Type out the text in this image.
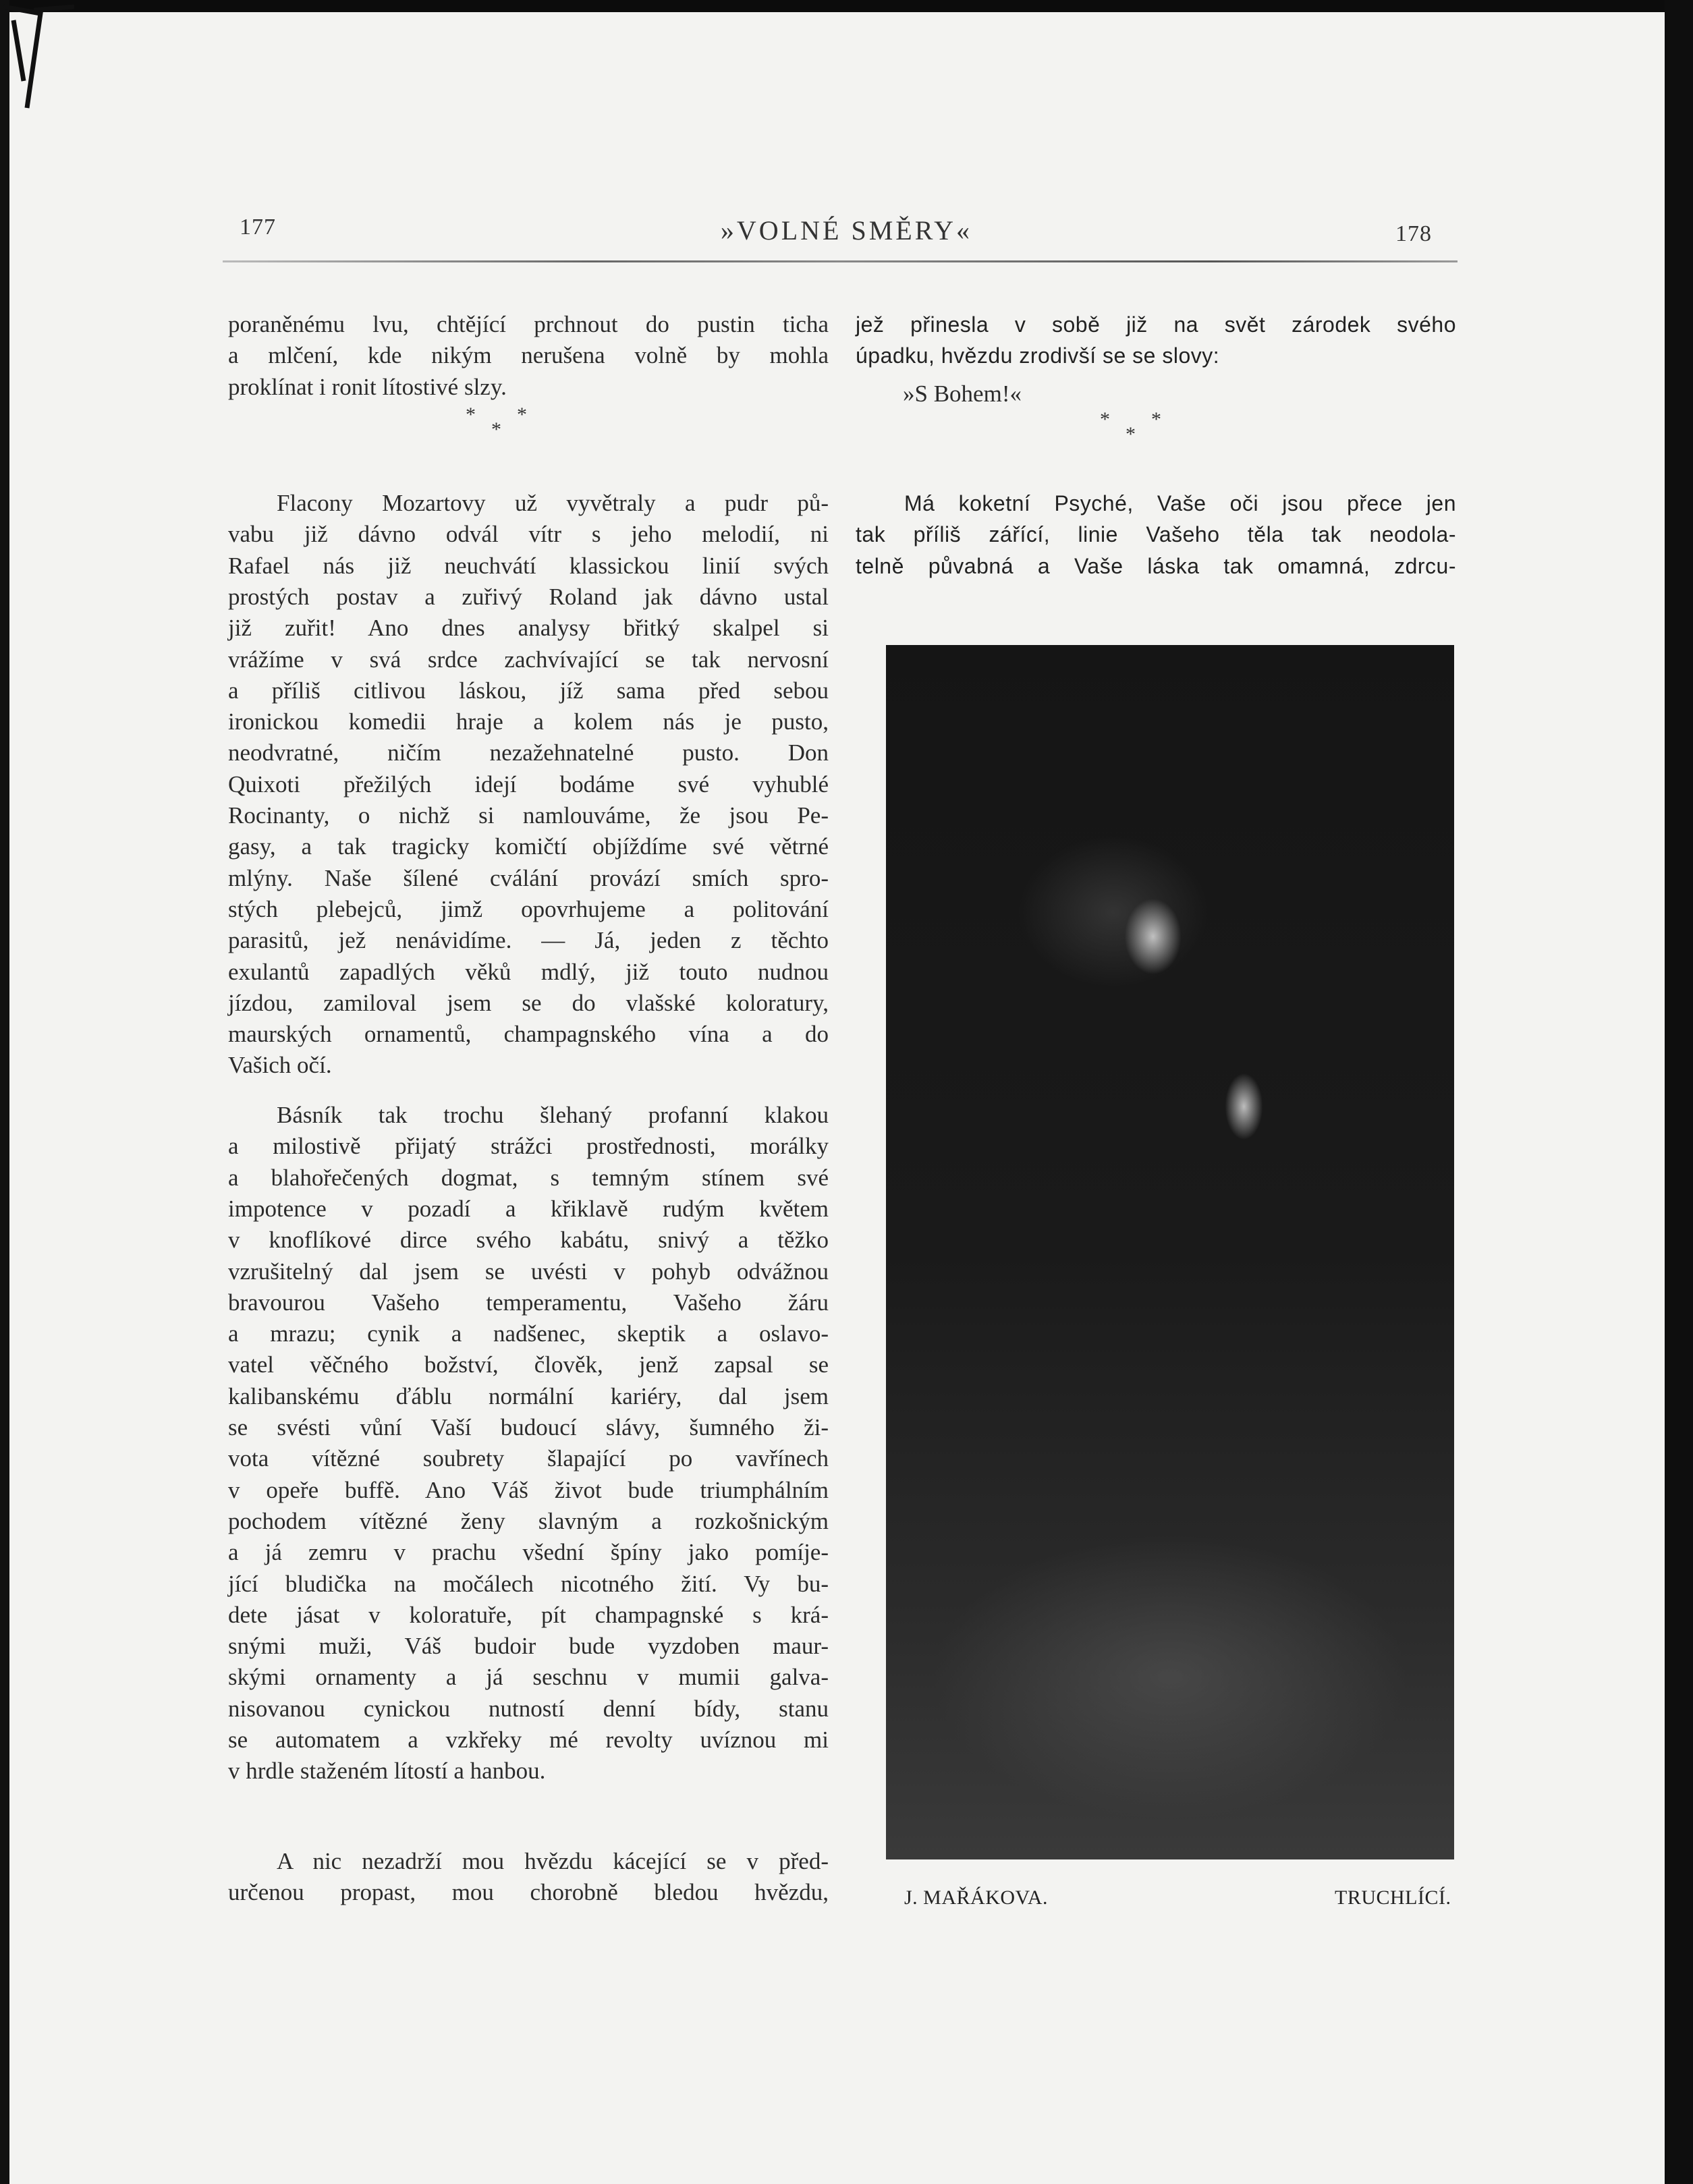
177	»VOLNÉ SMĚRY«	178
poraněnému lvu, chtějící prchnout do pustin ticha
a mlčení, kde nikým nerušena volně by mohla
proklínat i ronit lítostivé slzy.
Flacony Mozartovy už vyvětraly a pudr pů-
vabu již dávno odvál vítr s jeho melodií, ni
Rafael nás již neuchvátí klassickou linií svých
prostých postav a zuřivý Roland jak dávno ustal
již zuřit! Ano dnes analysy břitký skalpel si
vrážíme v svá srdce zachvívající se tak nervosní
a příliš citlivou láskou, jíž sama před sebou
ironickou komedii hraje a kolem nás je pusto,
neodvratné, ničím nezažehnatelné pusto. Don
Quixoti přežilých idejí bodáme své vyhublé
Rocinanty, o nichž si namlouváme, že jsou Pe-
gasy, a tak tragicky komičtí objíždíme své větrné
mlýny. Naše šílené cválání provází smích spro-
stých plebejců, jimž opovrhujeme a politování
parasitů, jež nenávidíme. — Já, jeden z těchto
exulantů zapadlých věků mdlý, již touto nudnou
jízdou, zamiloval jsem se do vlašské koloratury,
maurských ornamentů, champagnského vína a do
Vašich očí.
Básník tak trochu šlehaný profanní klakou
a milostivě přijatý strážci prostřednosti, morálky
a blahořečených dogmat, s temným stínem své
impotence v pozadí a křiklavě rudým květem
v knoflíkové dirce svého kabátu, snivý a těžko
vzrušitelný dal jsem se uvésti v pohyb odvážnou
bravourou Vašeho temperamentu, Vašeho žáru
a mrazu; cynik a nadšenec, skeptik a oslavo-
vatel věčného božství, člověk, jenž zapsal se
kalibanskému ďáblu normální kariéry, dal jsem
se svésti vůní Vaší budoucí slávy, šumného ži-
vota vítězné soubrety šlapající po vavřínech
v opeře buffě. Ano Váš život bude triumphálním
pochodem vítězné ženy slavným a rozkošnickým
a já zemru v prachu všední špíny jako pomíje-
jící bludička na močálech nicotného žití. Vy bu-
dete jásat v koloratuře, pít champagnské s krá-
snými muži, Váš budoir bude vyzdoben maur-
skými ornamenty a já seschnu v mumii galva-
nisovanou cynickou nutností denní bídy, stanu
se automatem a vzkřeky mé revolty uvíznou mi
v hrdle staženém lítostí a hanbou.
A nic nezadrží mou hvězdu kácející se v před-
určenou propast, mou chorobně bledou hvězdu,
jež přinesla v sobě již na svět zárodek svého
úpadku, hvězdu zrodivší se se slovy:
»S Bohem!«
Má koketní Psyché, Vaše oči jsou přece jen
tak příliš zářící, linie Vašeho těla tak neodola-
telně půvabná a Vaše láska tak omamná, zdrcu-
*
*
*	*
*
*
J. MAŘÁKOVA.	TRUCHLÍCÍ.
